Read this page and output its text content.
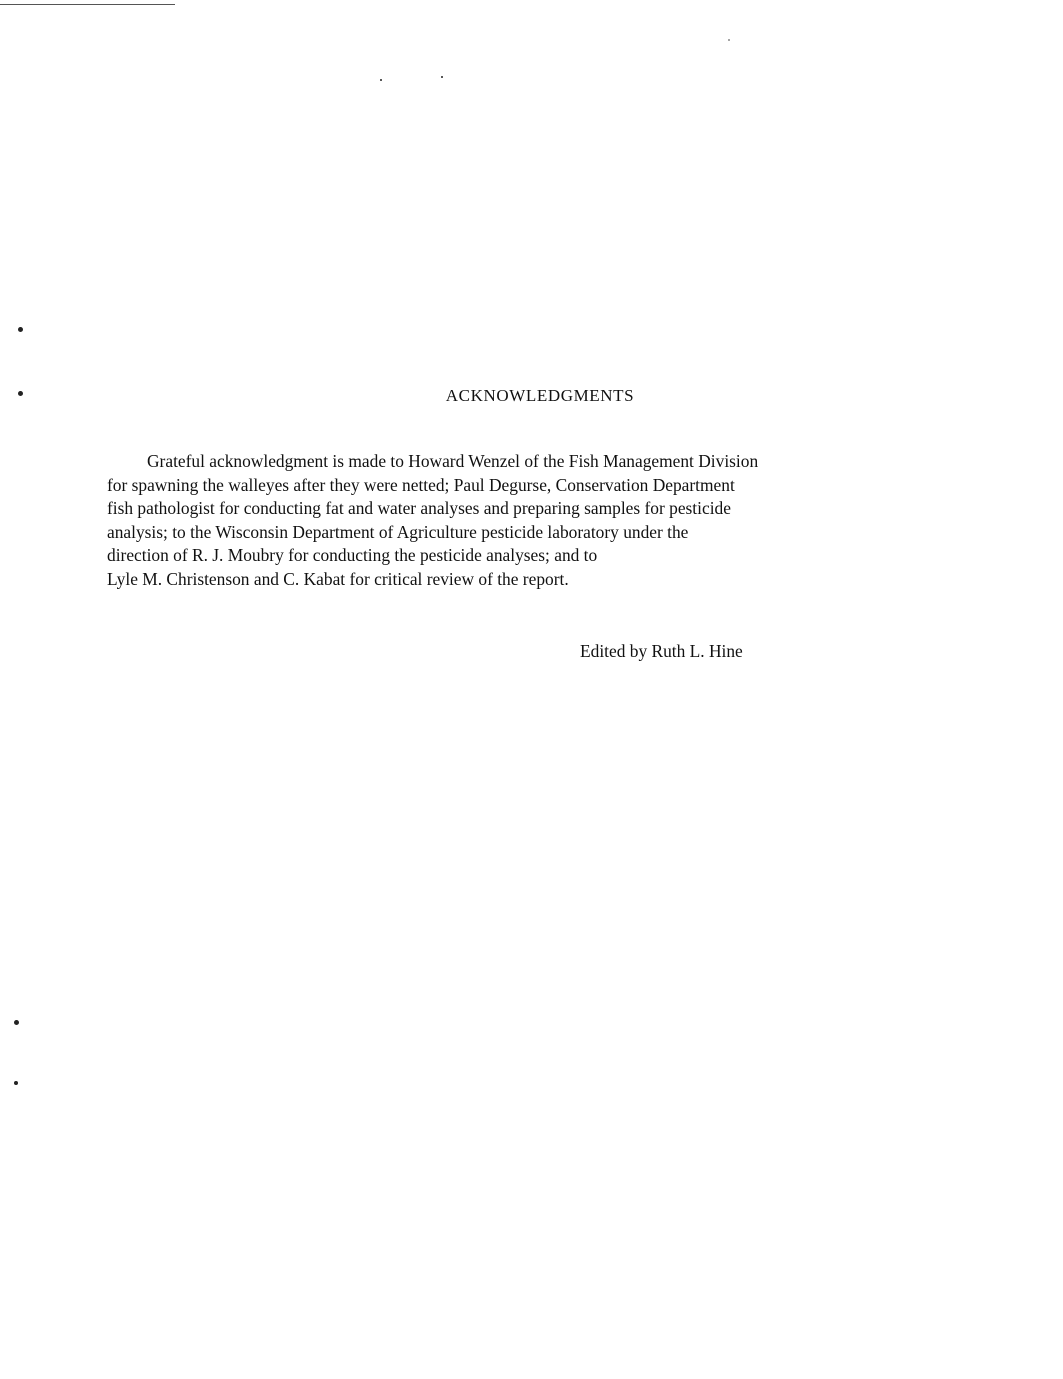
ACKNOWLEDGMENTS

Grateful acknowledgment is made to Howard Wenzel of the Fish Management Division
for spawning the walleyes after they were netted; Paul Degurse, Conservation Department
fish pathologist for conducting fat and water analyses and preparing samples for pesticide
analysis; to the Wisconsin Department of Agriculture pesticide laboratory under the
direction of R. J. Moubry for conducting the pesticide analyses; and to
Lyle M. Christenson and C. Kabat for critical review of the report.

Edited by Ruth L. Hine
